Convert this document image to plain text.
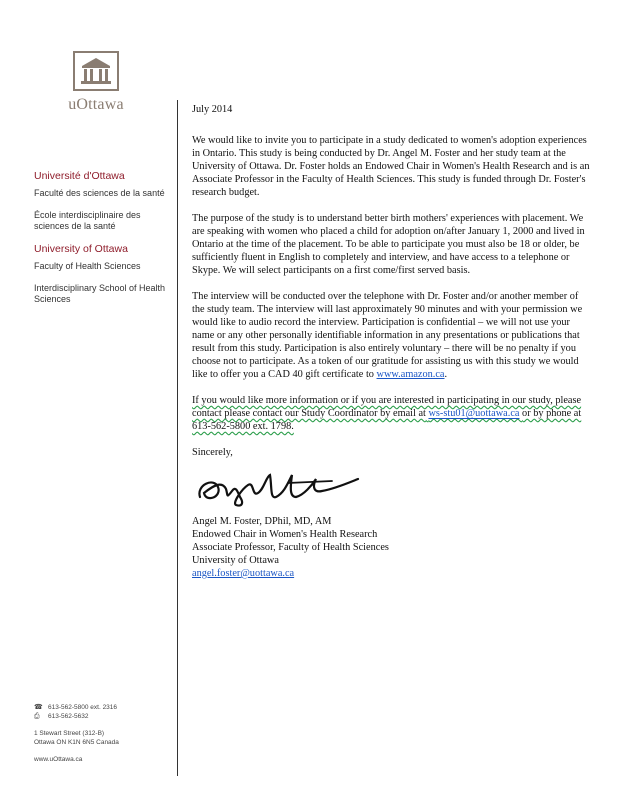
uOttawa
Université d'Ottawa
Faculté des sciences de la santé
École interdisciplinaire des sciences de la santé
University of Ottawa
Faculty of Health Sciences
Interdisciplinary School of Health Sciences
☎ 613-562-5800 ext. 2316
⎙	613-562-5632
1 Stewart Street (312-B)
Ottawa ON K1N 6N5 Canada
www.uOttawa.ca

July 2014

We would like to invite you to participate in a study dedicated to women's adoption experiences in Ontario. This study is being conducted by Dr. Angel M. Foster and her study team at the University of Ottawa. Dr. Foster holds an Endowed Chair in Women's Health Research and is an Associate Professor in the Faculty of Health Sciences. This study is funded through Dr. Foster's research budget.

The purpose of the study is to understand better birth mothers' experiences with placement. We are speaking with women who placed a child for adoption on/after January 1, 2000 and lived in Ontario at the time of the placement. To be able to participate you must also be 18 or older, be sufficiently fluent in English to completely and interview, and have access to a telephone or Skype. We will select participants on a first come/first served basis.

The interview will be conducted over the telephone with Dr. Foster and/or another member of the study team. The interview will last approximately 90 minutes and with your permission we would like to audio record the interview. Participation is confidential – we will not use your name or any other personally identifiable information in any presentations or publications that result from this study. Participation is also entirely voluntary – there will be no penalty if you choose not to participate. As a token of our gratitude for assisting us with this study we would like to offer you a CAD 40 gift certificate to www.amazon.ca.

If you would like more information or if you are interested in participating in our study, please contact please contact our Study Coordinator by email at ws-stu01@uottawa.ca or by phone at 613-562-5800 ext. 1798.

Sincerely,

Angel M. Foster, DPhil, MD, AM
Endowed Chair in Women's Health Research
Associate Professor, Faculty of Health Sciences
University of Ottawa
angel.foster@uottawa.ca
